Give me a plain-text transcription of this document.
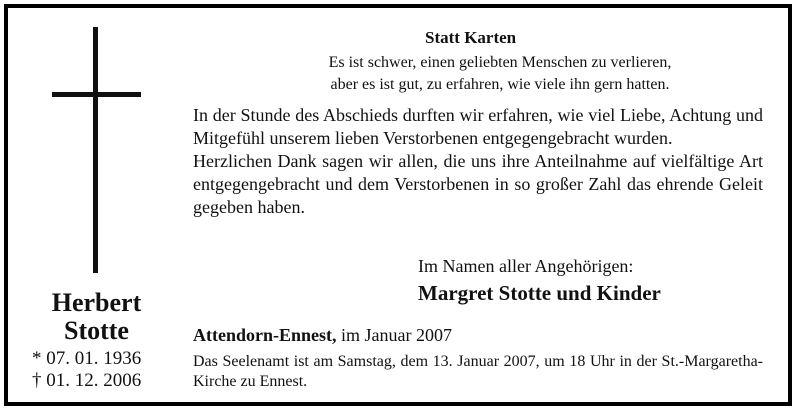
Herbert
Stotte
* 07. 01. 1936
† 01. 12. 2006
Statt Karten
Es ist schwer, einen geliebten Menschen zu verlieren,
aber es ist gut, zu erfahren, wie viele ihn gern hatten.

In der Stunde des Abschieds durften wir erfahren, wie viel Liebe, Achtung und Mitgefühl unserem lieben Verstorbenen entgegengebracht wurden.

Herzlichen Dank sagen wir allen, die uns ihre Anteilnahme auf vielfältige Art entgegengebracht und dem Verstorbenen in so großer Zahl das ehrende Geleit gegeben haben.

Im Namen aller Angehörigen:
Margret Stotte und Kinder
Attendorn-Ennest, im Januar 2007
Das Seelenamt ist am Samstag, dem 13. Januar 2007, um 18 Uhr in der St.-Margaretha-Kirche zu Ennest.
